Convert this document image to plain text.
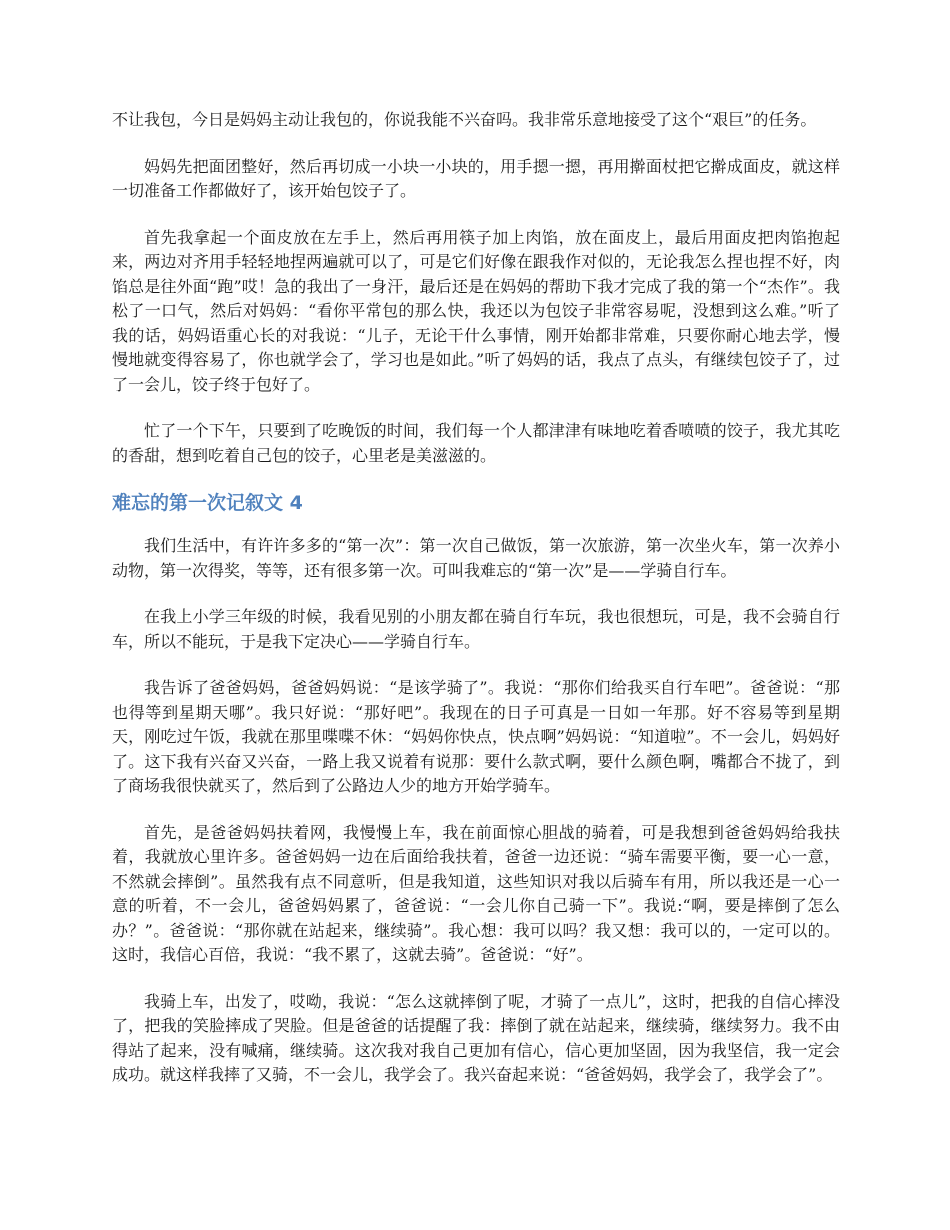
不让我包，今日是妈妈主动让我包的，你说我能不兴奋吗。我非常乐意地接受了这个“艰巨”的任务。

妈妈先把面团整好，然后再切成一小块一小块的，用手摁一摁，再用擀面杖把它擀成面皮，就这样一切准备工作都做好了，该开始包饺子了。

首先我拿起一个面皮放在左手上，然后再用筷子加上肉馅，放在面皮上，最后用面皮把肉馅抱起来，两边对齐用手轻轻地捏两遍就可以了，可是它们好像在跟我作对似的，无论我怎么捏也捏不好，肉馅总是往外面“跑”哎！急的我出了一身汗，最后还是在妈妈的帮助下我才完成了我的第一个“杰作”。我松了一口气，然后对妈妈：“看你平常包的那么快，我还以为包饺子非常容易呢，没想到这么难。”听了我的话，妈妈语重心长的对我说：“儿子，无论干什么事情，刚开始都非常难，只要你耐心地去学，慢慢地就变得容易了，你也就学会了，学习也是如此。”听了妈妈的话，我点了点头，有继续包饺子了，过了一会儿，饺子终于包好了。

忙了一个下午，只要到了吃晚饭的时间，我们每一个人都津津有味地吃着香喷喷的饺子，我尤其吃的香甜，想到吃着自己包的饺子，心里老是美滋滋的。

难忘的第一次记叙文 4

我们生活中，有许许多多的“第一次”：第一次自己做饭，第一次旅游，第一次坐火车，第一次养小动物，第一次得奖，等等，还有很多第一次。可叫我难忘的“第一次”是——学骑自行车。

在我上小学三年级的时候，我看见别的小朋友都在骑自行车玩，我也很想玩，可是，我不会骑自行车，所以不能玩，于是我下定决心——学骑自行车。

我告诉了爸爸妈妈，爸爸妈妈说：“是该学骑了”。我说：“那你们给我买自行车吧”。爸爸说：“那也得等到星期天哪”。我只好说：“那好吧”。我现在的日子可真是一日如一年那。好不容易等到星期天，刚吃过午饭，我就在那里喋喋不休：“妈妈你快点，快点啊”妈妈说：“知道啦”。不一会儿，妈妈好了。这下我有兴奋又兴奋，一路上我又说着有说那：要什么款式啊，要什么颜色啊，嘴都合不拢了，到了商场我很快就买了，然后到了公路边人少的地方开始学骑车。

首先，是爸爸妈妈扶着网，我慢慢上车，我在前面惊心胆战的骑着，可是我想到爸爸妈妈给我扶着，我就放心里许多。爸爸妈妈一边在后面给我扶着，爸爸一边还说：“骑车需要平衡，要一心一意，不然就会摔倒”。虽然我有点不同意听，但是我知道，这些知识对我以后骑车有用，所以我还是一心一意的听着，不一会儿，爸爸妈妈累了，爸爸说：“一会儿你自己骑一下”。我说:“啊，要是摔倒了怎么办？”。爸爸说：“那你就在站起来，继续骑”。我心想：我可以吗？我又想：我可以的，一定可以的。这时，我信心百倍，我说：“我不累了，这就去骑”。爸爸说：“好”。

我骑上车，出发了，哎呦，我说：“怎么这就摔倒了呢，才骑了一点儿”，这时，把我的自信心摔没了，把我的笑脸摔成了哭脸。但是爸爸的话提醒了我：摔倒了就在站起来，继续骑，继续努力。我不由得站了起来，没有喊痛，继续骑。这次我对我自己更加有信心，信心更加坚固，因为我坚信，我一定会成功。就这样我摔了又骑，不一会儿，我学会了。我兴奋起来说：“爸爸妈妈，我学会了，我学会了”。
